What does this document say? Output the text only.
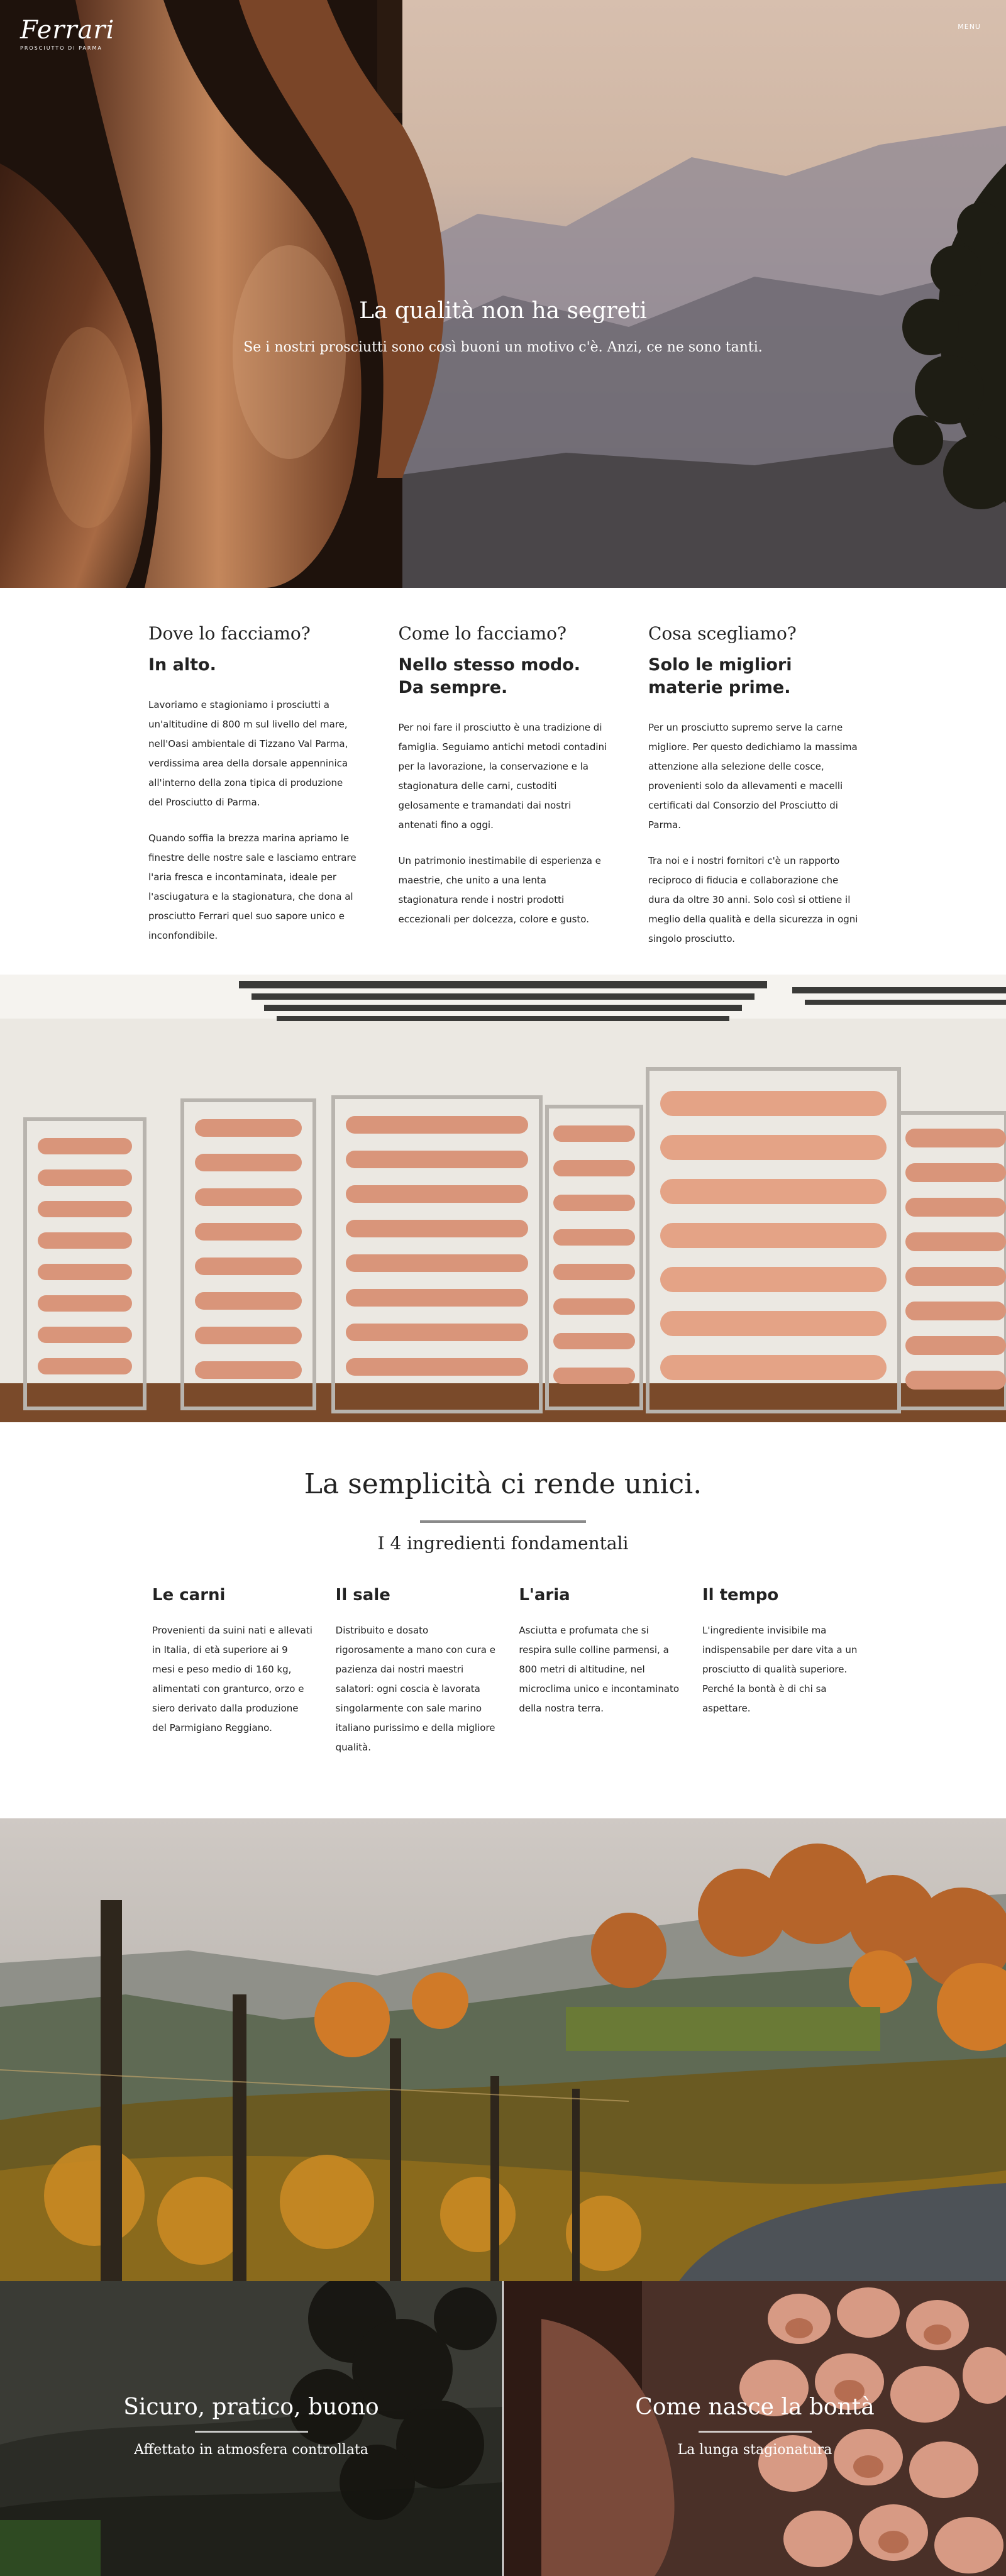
Ferrari
PROSCIUTTO DI PARMA
MENU
La qualità non ha segreti
Se i nostri prosciutti sono così buoni un motivo c'è. Anzi, ce ne sono tanti.
Dove lo facciamo?
In alto.

Lavoriamo e stagioniamo i prosciutti a un'altitudine di 800 m sul livello del mare, nell'Oasi ambientale di Tizzano Val Parma, verdissima area della dorsale appenninica all'interno della zona tipica di produzione del Prosciutto di Parma.

Quando soffia la brezza marina apriamo le finestre delle nostre sale e lasciamo entrare l'aria fresca e incontaminata, ideale per l'asciugatura e la stagionatura, che dona al prosciutto Ferrari quel suo sapore unico e inconfondibile.

Come lo facciamo?
Nello stesso modo. Da sempre.

Per noi fare il prosciutto è una tradizione di famiglia. Seguiamo antichi metodi contadini per la lavorazione, la conservazione e la stagionatura delle carni, custoditi gelosamente e tramandati dai nostri antenati fino a oggi.

Un patrimonio inestimabile di esperienza e maestrie, che unito a una lenta stagionatura rende i nostri prodotti eccezionali per dolcezza, colore e gusto.

Cosa scegliamo?
Solo le migliori materie prime.

Per un prosciutto supremo serve la carne migliore. Per questo dedichiamo la massima attenzione alla selezione delle cosce, provenienti solo da allevamenti e macelli certificati dal Consorzio del Prosciutto di Parma.

Tra noi e i nostri fornitori c'è un rapporto reciproco di fiducia e collaborazione che dura da oltre 30 anni. Solo così si ottiene il meglio della qualità e della sicurezza in ogni singolo prosciutto.

La semplicità ci rende unici.
I 4 ingredienti fondamentali
Le carni

Provenienti da suini nati e allevati in Italia, di età superiore ai 9 mesi e peso medio di 160 kg, alimentati con granturco, orzo e siero derivato dalla produzione del Parmigiano Reggiano.

Il sale

Distribuito e dosato rigorosamente a mano con cura e pazienza dai nostri maestri salatori: ogni coscia è lavorata singolarmente con sale marino italiano purissimo e della migliore qualità.

L'aria

Asciutta e profumata che si respira sulle colline parmensi, a 800 metri di altitudine, nel microclima unico e incontaminato della nostra terra.

Il tempo

L'ingrediente invisibile ma indispensabile per dare vita a un prosciutto di qualità superiore. Perché la bontà è di chi sa aspettare.

Sicuro, pratico, buono
Affettato in atmosfera controllata
Come nasce la bontà
La lunga stagionatura
